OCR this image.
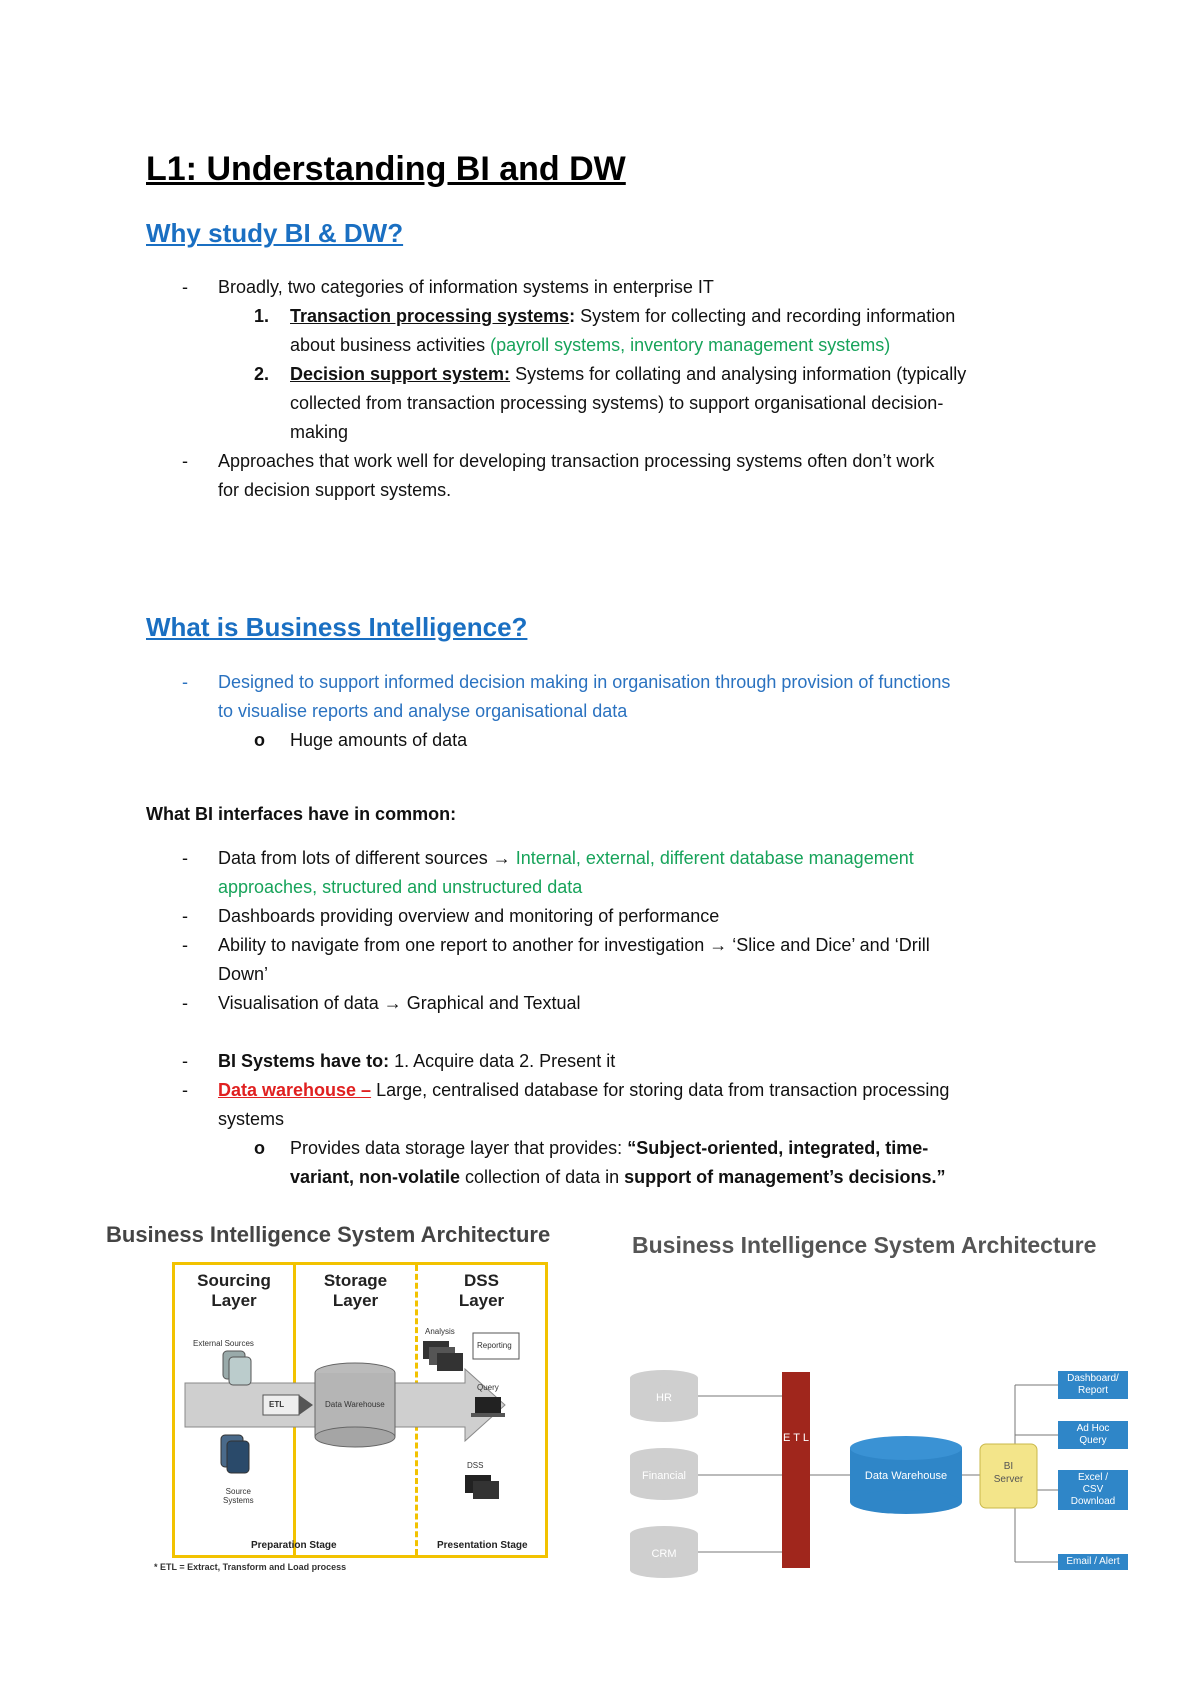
L1: Understanding BI and DW
Why study BI & DW?
- Broadly, two categories of information systems in enterprise IT

1. Transaction processing systems: System for collecting and recording information

about business activities (payroll systems, inventory management systems)

2. Decision support system: Systems for collating and analysing information (typically

collected from transaction processing systems) to support organisational decision-

making

- Approaches that work well for developing transaction processing systems often don’t work

for decision support systems.

What is Business Intelligence?
- Designed to support informed decision making in organisation through provision of functions

to visualise reports and analyse organisational data

o Huge amounts of data

What BI interfaces have in common:

- Data from lots of different sources → Internal, external, different database management

approaches, structured and unstructured data

- Dashboards providing overview and monitoring of performance

- Ability to navigate from one report to another for investigation → ‘Slice and Dice’ and ‘Drill

Down’

- Visualisation of data → Graphical and Textual

- BI Systems have to: 1. Acquire data 2. Present it

- Data warehouse – Large, centralised database for storing data from transaction processing

systems

o Provides data storage layer that provides: “Subject-oriented, integrated, time-

variant, non-volatile collection of data in support of management’s decisions.”

Business Intelligence System Architecture
Sourcing
Layer
Storage
Layer
DSS
Layer
External Sources
Source
Systems
ETL	Data Warehouse
Analysis
Reporting
Query
DSS
Preparation Stage	Presentation Stage
* ETL = Extract, Transform and Load process
Business Intelligence System Architecture
HR
Financial
CRM
E T L
Data Warehouse
BI
Server
Dashboard/
Report
Ad Hoc
Query
Excel /
CSV
Download
Email / Alert
